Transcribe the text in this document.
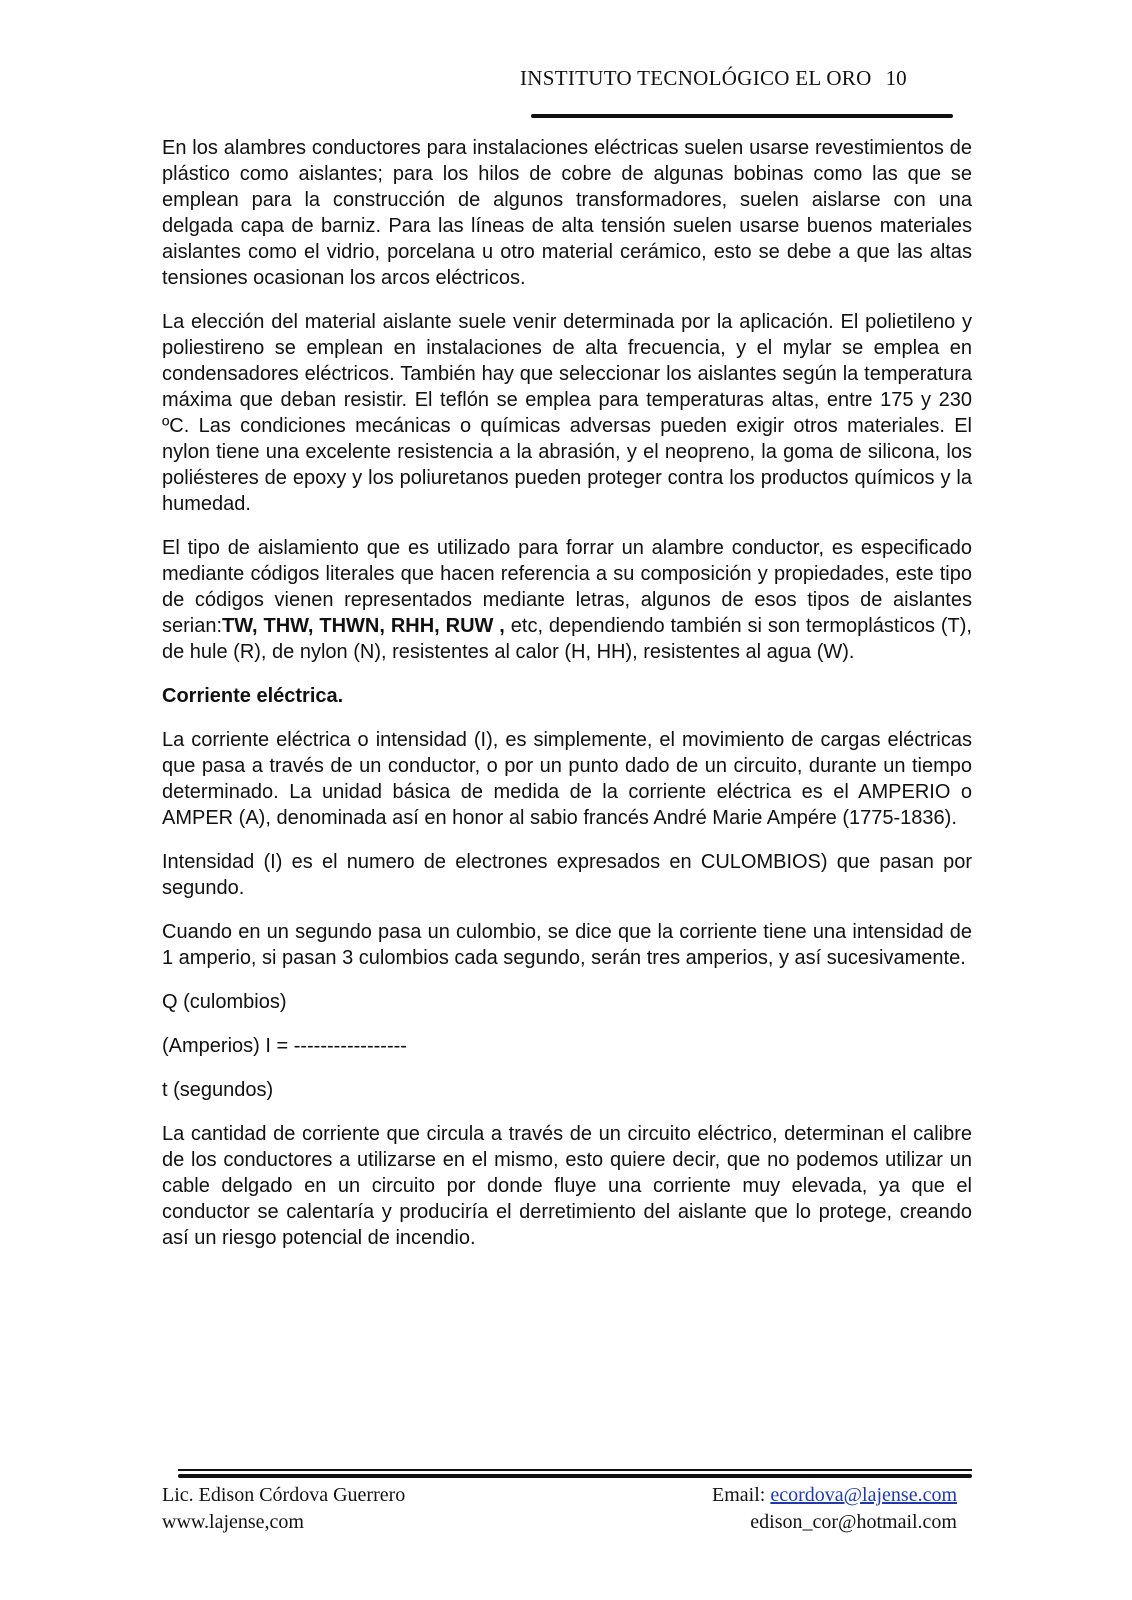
INSTITUTO TECNOLÓGICO EL ORO 10

En los alambres conductores para instalaciones eléctricas suelen usarse revestimientos de plástico como aislantes; para los hilos de cobre de algunas bobinas como las que se emplean para la construcción de algunos transformadores, suelen aislarse con una delgada capa de barniz. Para las líneas de alta tensión suelen usarse buenos materiales aislantes como el vidrio, porcelana u otro material cerámico, esto se debe a que las altas tensiones ocasionan los arcos eléctricos.

La elección del material aislante suele venir determinada por la aplicación. El polietileno y poliestireno se emplean en instalaciones de alta frecuencia, y el mylar se emplea en condensadores eléctricos. También hay que seleccionar los aislantes según la temperatura máxima que deban resistir. El teflón se emplea para temperaturas altas, entre 175 y 230 ºC. Las condiciones mecánicas o químicas adversas pueden exigir otros materiales. El nylon tiene una excelente resistencia a la abrasión, y el neopreno, la goma de silicona, los poliésteres de epoxy y los poliuretanos pueden proteger contra los productos químicos y la humedad.

El tipo de aislamiento que es utilizado para forrar un alambre conductor, es especificado mediante códigos literales que hacen referencia a su composición y propiedades, este tipo de códigos vienen representados mediante letras, algunos de esos tipos de aislantes serian:TW, THW, THWN, RHH, RUW , etc, dependiendo también si son termoplásticos (T), de hule (R), de nylon (N), resistentes al calor (H, HH), resistentes al agua (W).

Corriente eléctrica.

La corriente eléctrica o intensidad (I), es simplemente, el movimiento de cargas eléctricas que pasa a través de un conductor, o por un punto dado de un circuito, durante un tiempo determinado. La unidad básica de medida de la corriente eléctrica es el AMPERIO o AMPER (A), denominada así en honor al sabio francés André Marie Ampére (1775-1836).

Intensidad (I) es el numero de electrones expresados en CULOMBIOS) que pasan por segundo.

Cuando en un segundo pasa un culombio, se dice que la corriente tiene una intensidad de 1 amperio, si pasan 3 culombios cada segundo, serán tres amperios, y así sucesivamente.

Q (culombios)
(Amperios) I = -----------------
t (segundos)

La cantidad de corriente que circula a través de un circuito eléctrico, determinan el calibre de los conductores a utilizarse en el mismo, esto quiere decir, que no podemos utilizar un cable delgado en un circuito por donde fluye una corriente muy elevada, ya que el conductor se calentaría y produciría el derretimiento del aislante que lo protege, creando así un riesgo potencial de incendio.

Lic. Edison Córdova Guerrero	Email: ecordova@lajense.com
www.lajense,com	edison_cor@hotmail.com
